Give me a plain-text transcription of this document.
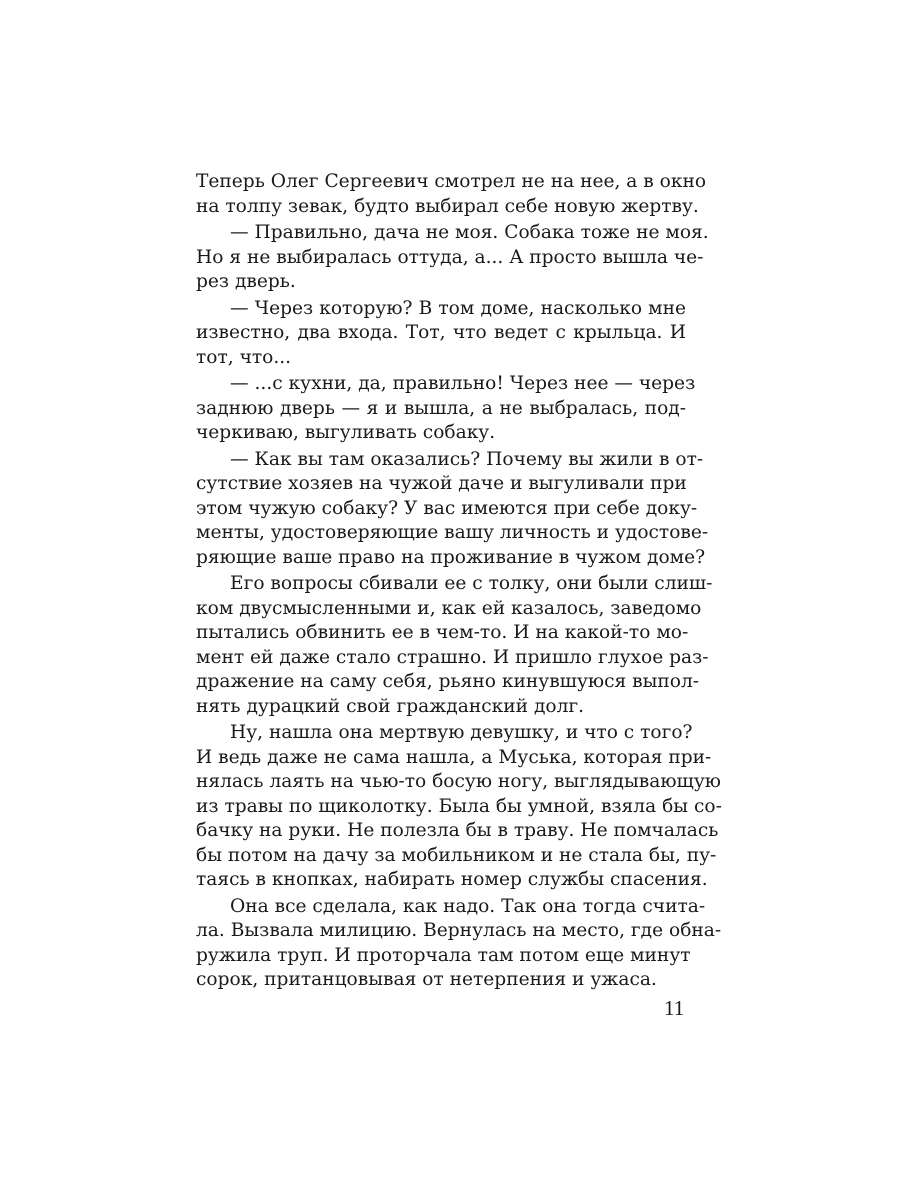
Теперь Олег Сергеевич смотрел не на нее, а в окно
на толпу зевак, будто выбирал себе новую жертву.
— Правильно, дача не моя. Собака тоже не моя.
Но я не выбиралась оттуда, а... А просто вышла че-
рез дверь.
— Через которую? В том доме, насколько мне
известно, два входа. Тот, что ведет с крыльца. И
тот, что...
— ...с кухни, да, правильно! Через нее — через
заднюю дверь — я и вышла, а не выбралась, под-
черкиваю, выгуливать собаку.
— Как вы там оказались? Почему вы жили в от-
сутствие хозяев на чужой даче и выгуливали при
этом чужую собаку? У вас имеются при себе доку-
менты, удостоверяющие вашу личность и удостове-
ряющие ваше право на проживание в чужом доме?
Его вопросы сбивали ее с толку, они были слиш-
ком двусмысленными и, как ей казалось, заведомо
пытались обвинить ее в чем-то. И на какой-то мо-
мент ей даже стало страшно. И пришло глухое раз-
дражение на саму себя, рьяно кинувшуюся выпол-
нять дурацкий свой гражданский долг.
Ну, нашла она мертвую девушку, и что с того?
И ведь даже не сама нашла, а Муська, которая при-
нялась лаять на чью-то босую ногу, выглядывающую
из травы по щиколотку. Была бы умной, взяла бы со-
бачку на руки. Не полезла бы в траву. Не помчалась
бы потом на дачу за мобильником и не стала бы, пу-
таясь в кнопках, набирать номер службы спасения.
Она все сделала, как надо. Так она тогда счита-
ла. Вызвала милицию. Вернулась на место, где обна-
ружила труп. И проторчала там потом еще минут
сорок, пританцовывая от нетерпения и ужаса.
11
